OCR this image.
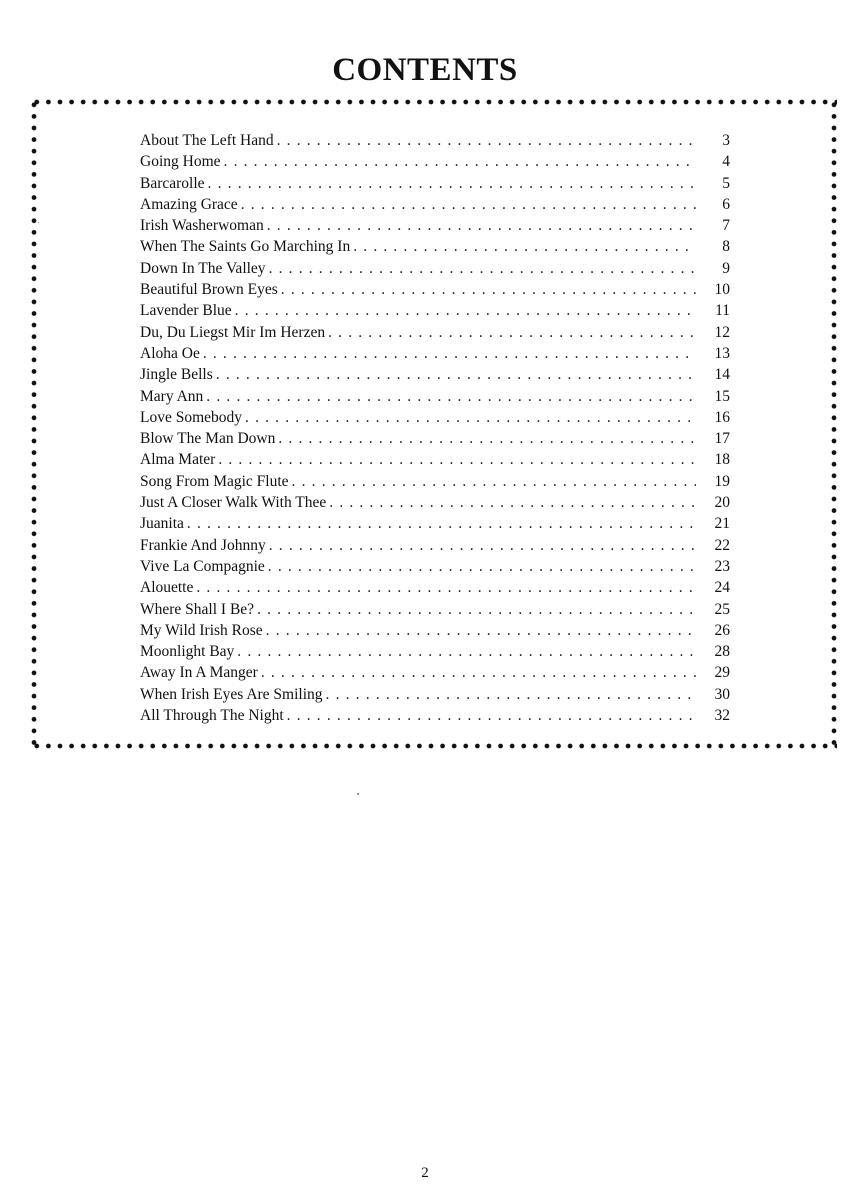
CONTENTS
About The Left Hand . . .	3
Going Home . . .	4
Barcarolle . . .	5
Amazing Grace . . .	6
Irish Washerwoman . . .	7
When The Saints Go Marching In . . .	8
Down In The Valley . . .	9
Beautiful Brown Eyes . . .	10
Lavender Blue . . .	11
Du, Du Liegst Mir Im Herzen . . .	12
Aloha Oe . . .	13
Jingle Bells . . .	14
Mary Ann . . .	15
Love Somebody . . .	16
Blow The Man Down . . .	17
Alma Mater . . .	18
Song From Magic Flute . . .	19
Just A Closer Walk With Thee . . .	20
Juanita . . .	21
Frankie And Johnny . . .	22
Vive La Compagnie . . .	23
Alouette . . .	24
Where Shall I Be? . . .	25
My Wild Irish Rose . . .	26
Moonlight Bay . . .	28
Away In A Manger . . .	29
When Irish Eyes Are Smiling . . .	30
All Through The Night . . .	32
2
